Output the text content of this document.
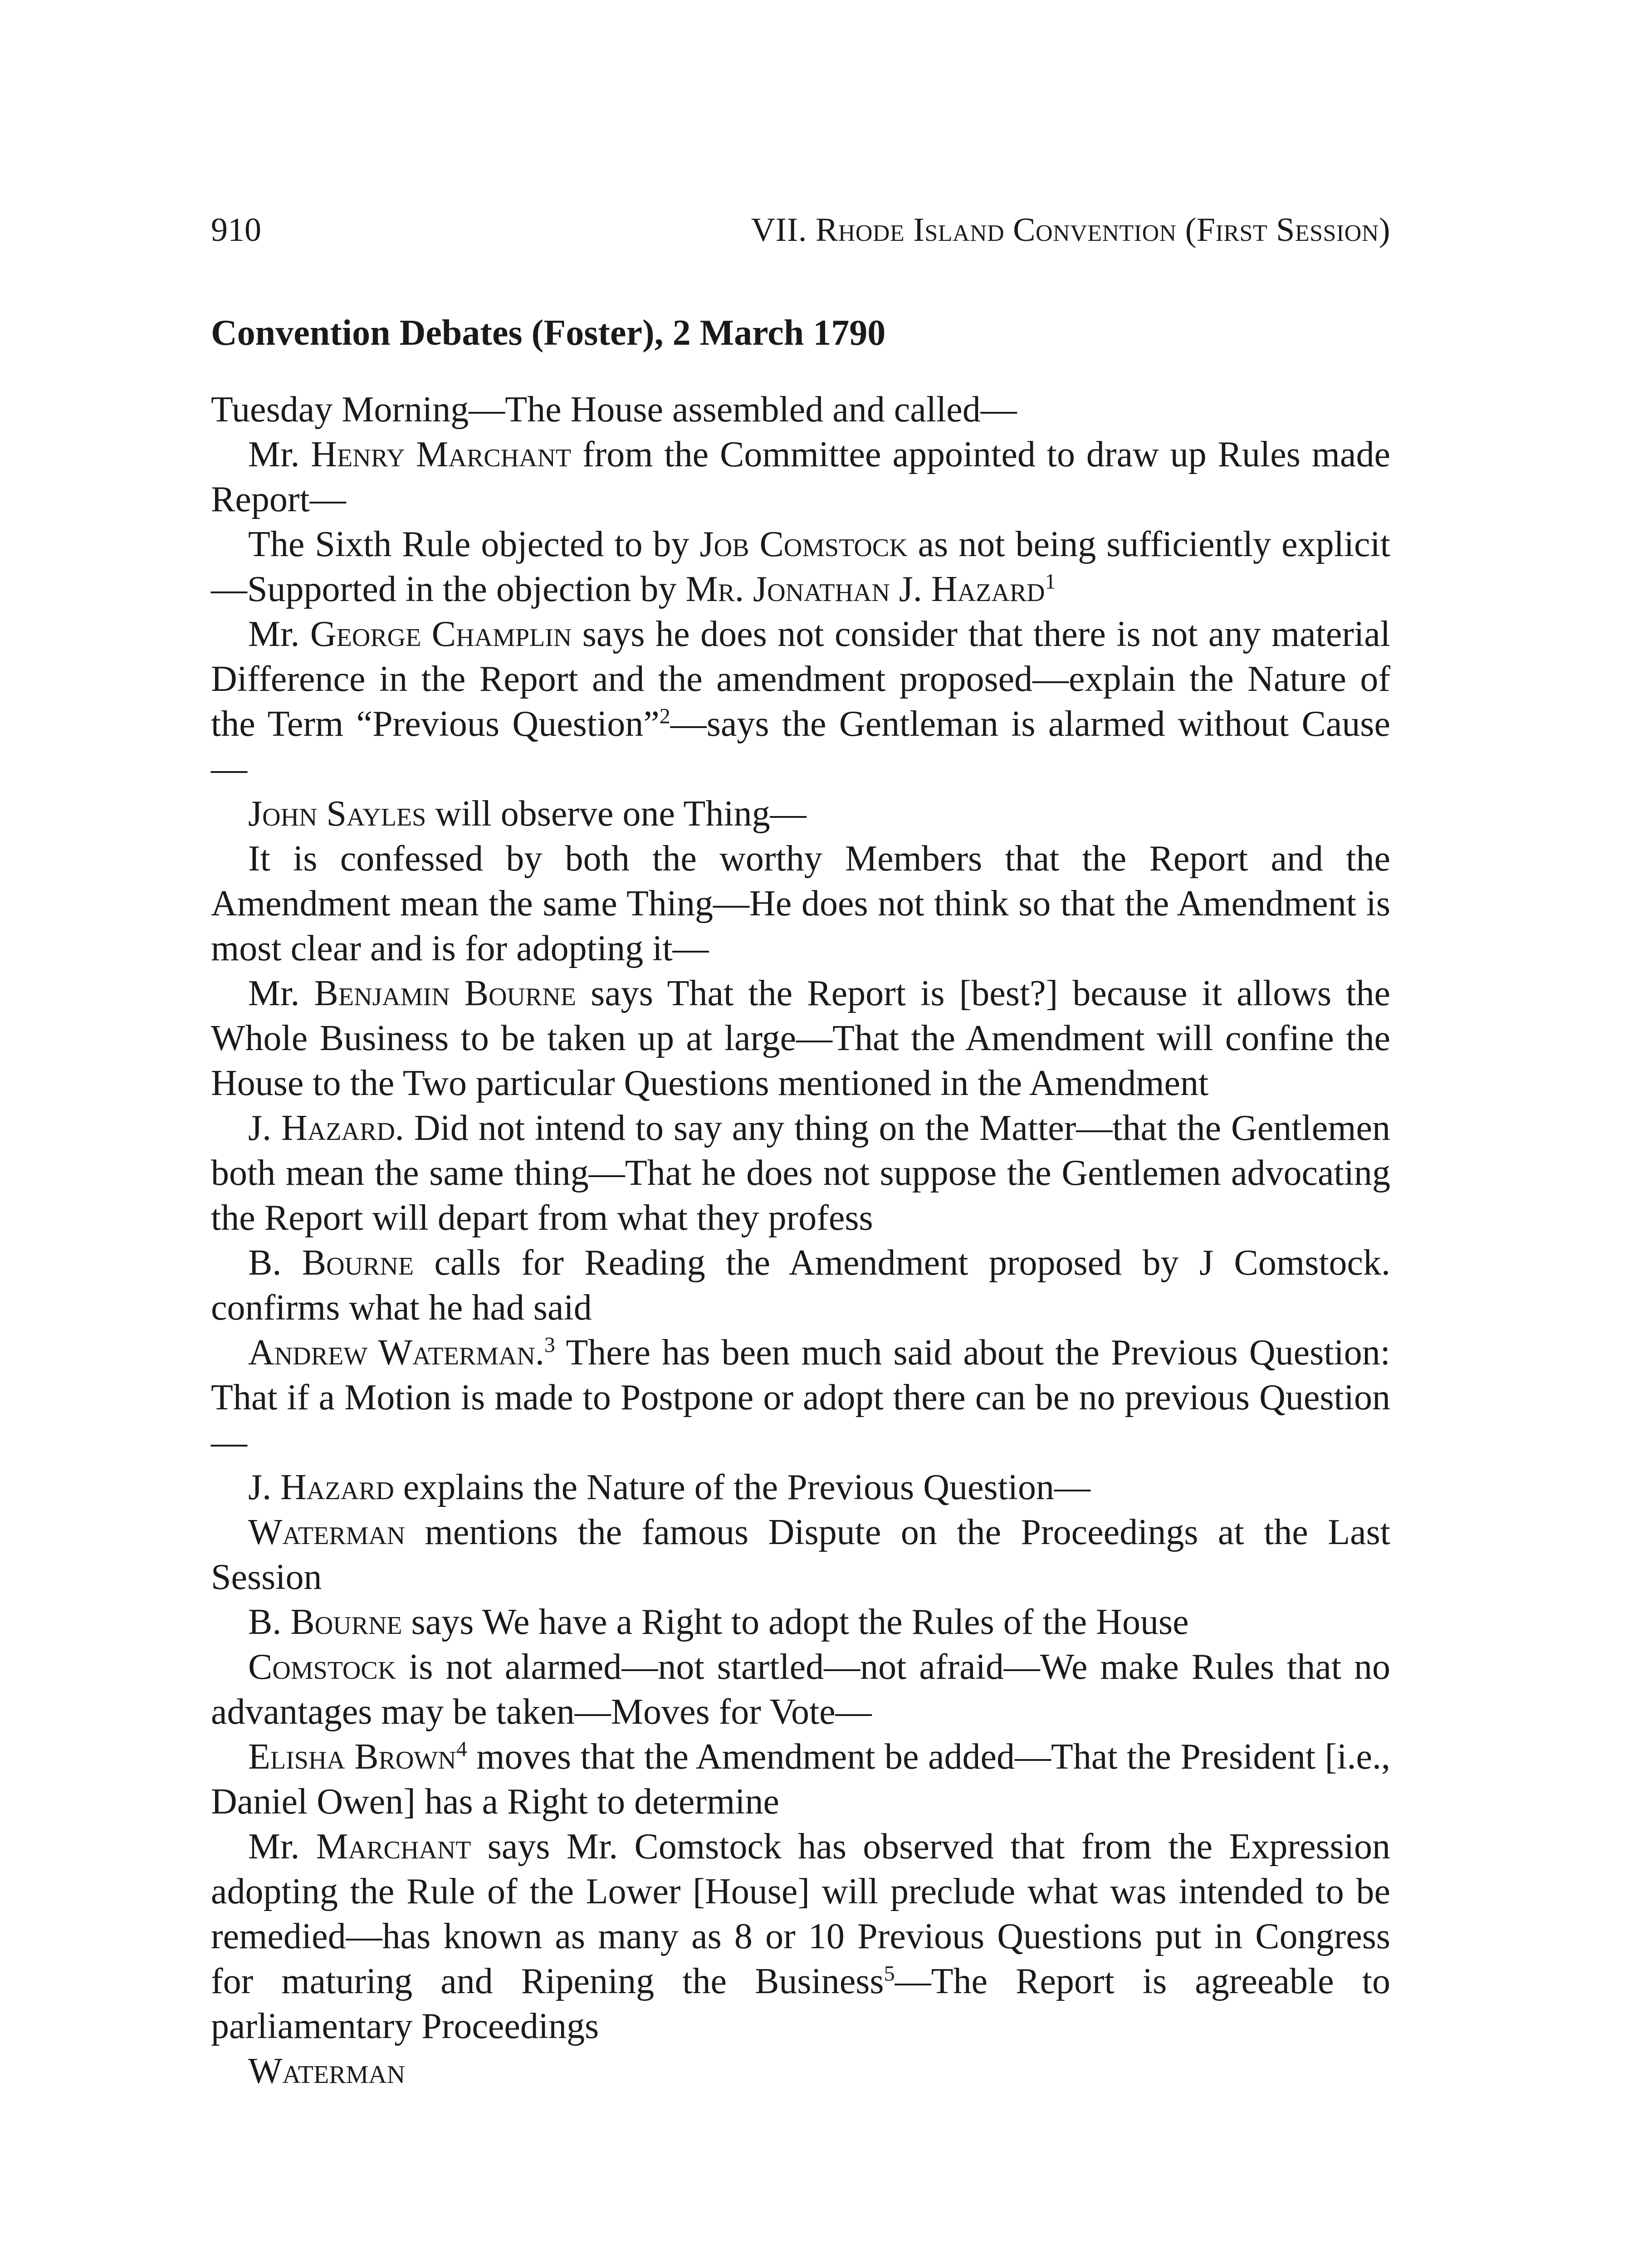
910	VII. Rhode Island Convention (First Session)
Convention Debates (Foster), 2 March 1790

Tuesday Morning—The House assembled and called—

Mr. Henry Marchant from the Committee appointed to draw up Rules made Report—

The Sixth Rule objected to by Job Comstock as not being sufficiently explicit—Supported in the objection by Mr. Jonathan J. Hazard$^1$

Mr. George Champlin says he does not consider that there is not any material Difference in the Report and the amendment proposed—explain the Nature of the Term “Previous Question”$^2$—says the Gentleman is alarmed without Cause—

John Sayles will observe one Thing—

It is confessed by both the worthy Members that the Report and the Amendment mean the same Thing—He does not think so that the Amendment is most clear and is for adopting it—

Mr. Benjamin Bourne says That the Report is [best?] because it allows the Whole Business to be taken up at large—That the Amendment will confine the House to the Two particular Questions mentioned in the Amendment

J. Hazard. Did not intend to say any thing on the Matter—that the Gentlemen both mean the same thing—That he does not suppose the Gentlemen advocating the Report will depart from what they profess

B. Bourne calls for Reading the Amendment proposed by J Comstock. confirms what he had said

Andrew Waterman.$^3$ There has been much said about the Previous Question: That if a Motion is made to Postpone or adopt there can be no previous Question—

J. Hazard explains the Nature of the Previous Question—

Waterman mentions the famous Dispute on the Proceedings at the Last Session

B. Bourne says We have a Right to adopt the Rules of the House

Comstock is not alarmed—not startled—not afraid—We make Rules that no advantages may be taken—Moves for Vote—

Elisha Brown$^4$ moves that the Amendment be added—That the President [i.e., Daniel Owen] has a Right to determine

Mr. Marchant says Mr. Comstock has observed that from the Expression adopting the Rule of the Lower [House] will preclude what was intended to be remedied—has known as many as 8 or 10 Previous Questions put in Congress for maturing and Ripening the Business$^5$—The Report is agreeable to parliamentary Proceedings

Waterman
